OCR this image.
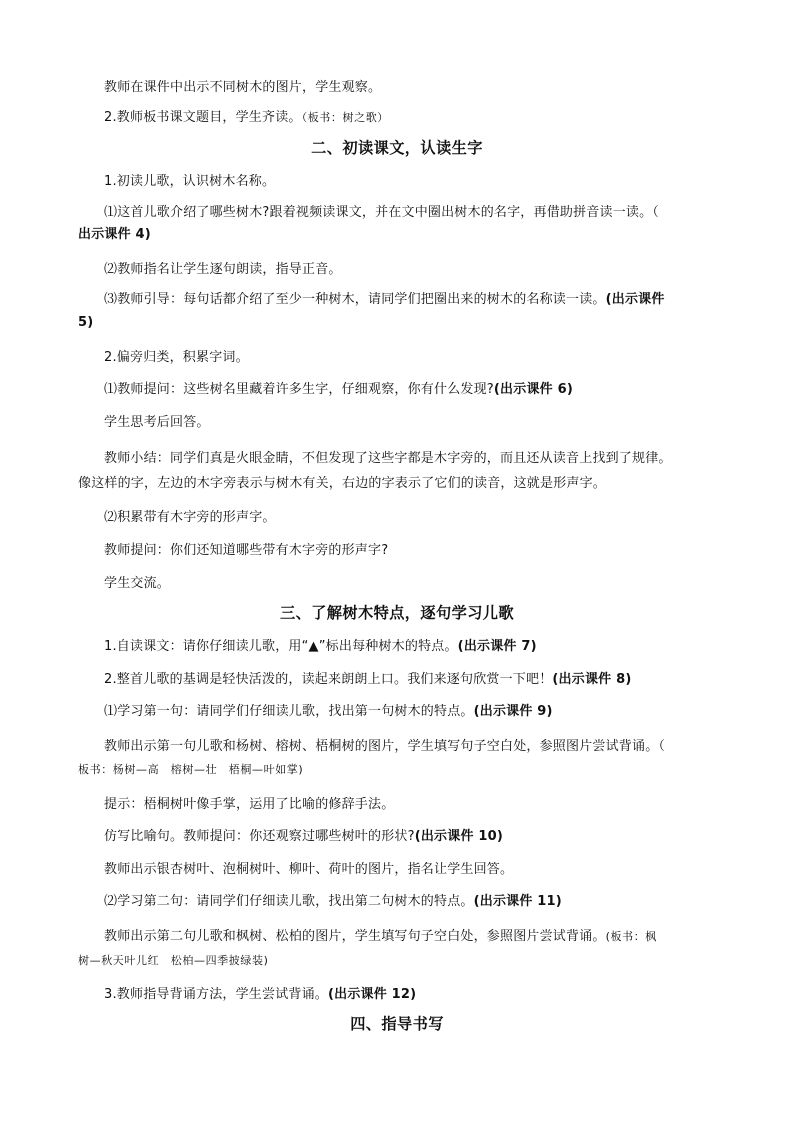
教师在课件中出示不同树木的图片，学生观察。

2.教师板书课文题目，学生齐读。（板书：树之歌）

二、初读课文，认读生字

1.初读儿歌，认识树木名称。

⑴这首儿歌介绍了哪些树木?跟着视频读课文，并在文中圈出树木的名字，再借助拼音读一读。（

出示课件 4)

⑵教师指名让学生逐句朗读，指导正音。

⑶教师引导：每句话都介绍了至少一种树木，请同学们把圈出来的树木的名称读一读。(出示课件

5)

2.偏旁归类，积累字词。

⑴教师提问：这些树名里藏着许多生字，仔细观察，你有什么发现?(出示课件 6)

学生思考后回答。

教师小结：同学们真是火眼金睛，不但发现了这些字都是木字旁的，而且还从读音上找到了规律。

像这样的字，左边的木字旁表示与树木有关，右边的字表示了它们的读音，这就是形声字。

⑵积累带有木字旁的形声字。

教师提问：你们还知道哪些带有木字旁的形声字?

学生交流。

三、了解树木特点，逐句学习儿歌

1.自读课文：请你仔细读儿歌，用“▲”标出每种树木的特点。(出示课件 7)

2.整首儿歌的基调是轻快活泼的，读起来朗朗上口。我们来逐句欣赏一下吧！(出示课件 8)

⑴学习第一句：请同学们仔细读儿歌，找出第一句树木的特点。(出示课件 9)

教师出示第一句儿歌和杨树、榕树、梧桐树的图片，学生填写句子空白处，参照图片尝试背诵。（

板书：杨树—高　榕树—壮　梧桐—叶如掌)

提示：梧桐树叶像手掌，运用了比喻的修辞手法。

仿写比喻句。教师提问：你还观察过哪些树叶的形状?(出示课件 10)

教师出示银杏树叶、泡桐树叶、柳叶、荷叶的图片，指名让学生回答。

⑵学习第二句：请同学们仔细读儿歌，找出第二句树木的特点。(出示课件 11)

教师出示第二句儿歌和枫树、松柏的图片，学生填写句子空白处，参照图片尝试背诵。(板书：枫

树—秋天叶儿红　松柏—四季披绿装)

3.教师指导背诵方法，学生尝试背诵。(出示课件 12)

四、指导书写
